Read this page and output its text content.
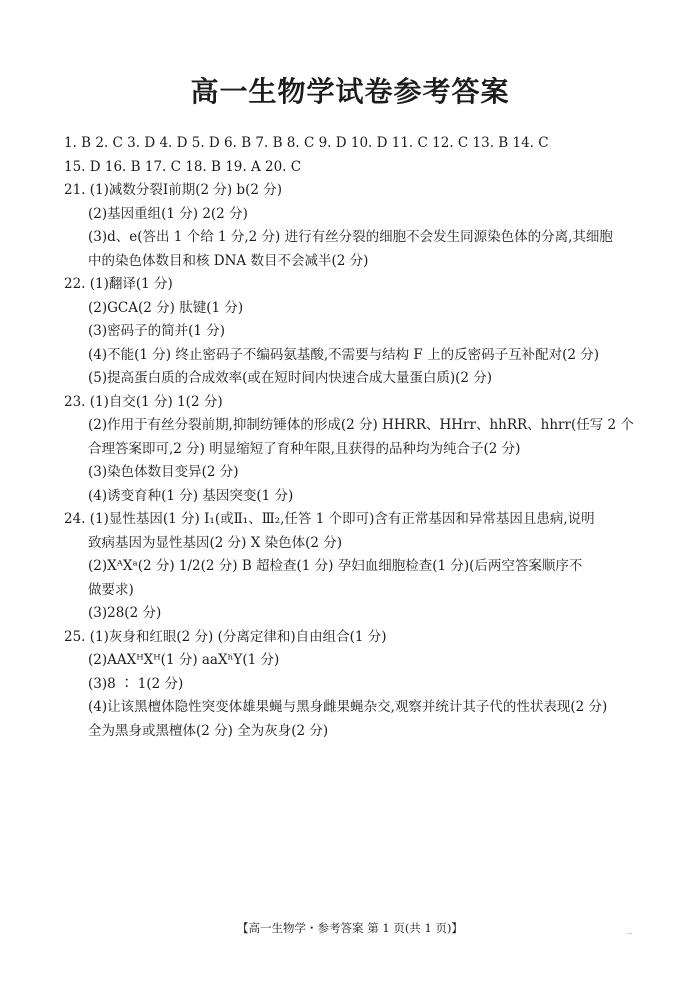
高一生物学试卷参考答案
1. B 2. C 3. D 4. D 5. D 6. B 7. B 8. C 9. D 10. D 11. C 12. C 13. B 14. C
15. D 16. B 17. C 18. B 19. A 20. C
21. (1)减数分裂Ⅰ前期(2 分) b(2 分)
(2)基因重组(1 分) 2(2 分)
(3)d、e(答出 1 个给 1 分,2 分) 进行有丝分裂的细胞不会发生同源染色体的分离,其细胞
中的染色体数目和核 DNA 数目不会减半(2 分)
22. (1)翻译(1 分)
(2)GCA(2 分) 肽键(1 分)
(3)密码子的简并(1 分)
(4)不能(1 分) 终止密码子不编码氨基酸,不需要与结构 F 上的反密码子互补配对(2 分)
(5)提高蛋白质的合成效率(或在短时间内快速合成大量蛋白质)(2 分)
23. (1)自交(1 分) 1(2 分)
(2)作用于有丝分裂前期,抑制纺锤体的形成(2 分) HHRR、HHrr、hhRR、hhrr(任写 2 个
合理答案即可,2 分) 明显缩短了育种年限,且获得的品种均为纯合子(2 分)
(3)染色体数目变异(2 分)
(4)诱变育种(1 分) 基因突变(1 分)
24. (1)显性基因(1 分) Ⅰ₁(或Ⅱ₁、Ⅲ₂,任答 1 个即可)含有正常基因和异常基因且患病,说明
致病基因为显性基因(2 分) X 染色体(2 分)
(2)XᴬXᵃ(2 分) 1/2(2 分) B 超检查(1 分) 孕妇血细胞检查(1 分)(后两空答案顺序不
做要求)
(3)28(2 分)
25. (1)灰身和红眼(2 分) (分离定律和)自由组合(1 分)
(2)AAXᴴXᴴ(1 分) aaXʰY(1 分)
(3)8 ∶ 1(2 分)
(4)让该黑檀体隐性突变体雄果蝇与黑身雌果蝇杂交,观察并统计其子代的性状表现(2 分)
全为黑身或黑檀体(2 分) 全为灰身(2 分)
【高一生物学・参考答案 第 1 页(共 1 页)】	...
